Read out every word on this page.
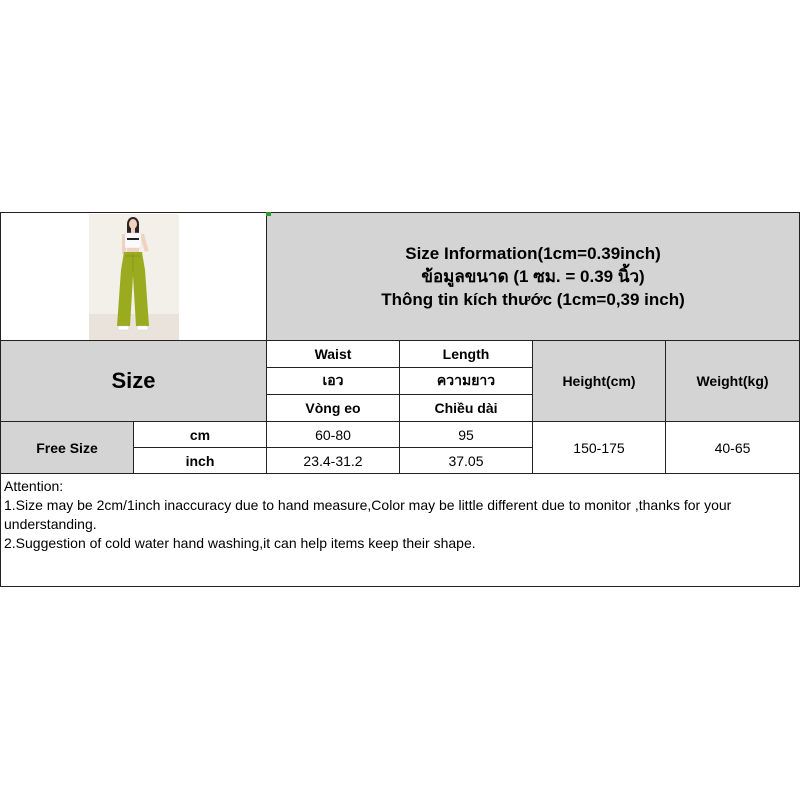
Size Information(1cm=0.39inch)
ข้อมูลขนาด (1 ซม. = 0.39 นิ้ว)
Thông tin kích thước (1cm=0,39 inch)			

Size		Waist	Length	Height(cm)	Weight(kg)
		เอว	ความยาว		
		Vòng eo	Chiều dài		
Free Size	cm	60-80	95	150-175	40-65
	inch	23.4-31.2	37.05		

Attention:
1.Size may be 2cm/1inch inaccuracy due to hand measure,Color may be little different due to monitor ,thanks for your understanding.
2.Suggestion of cold water hand washing,it can help items keep their shape.					
